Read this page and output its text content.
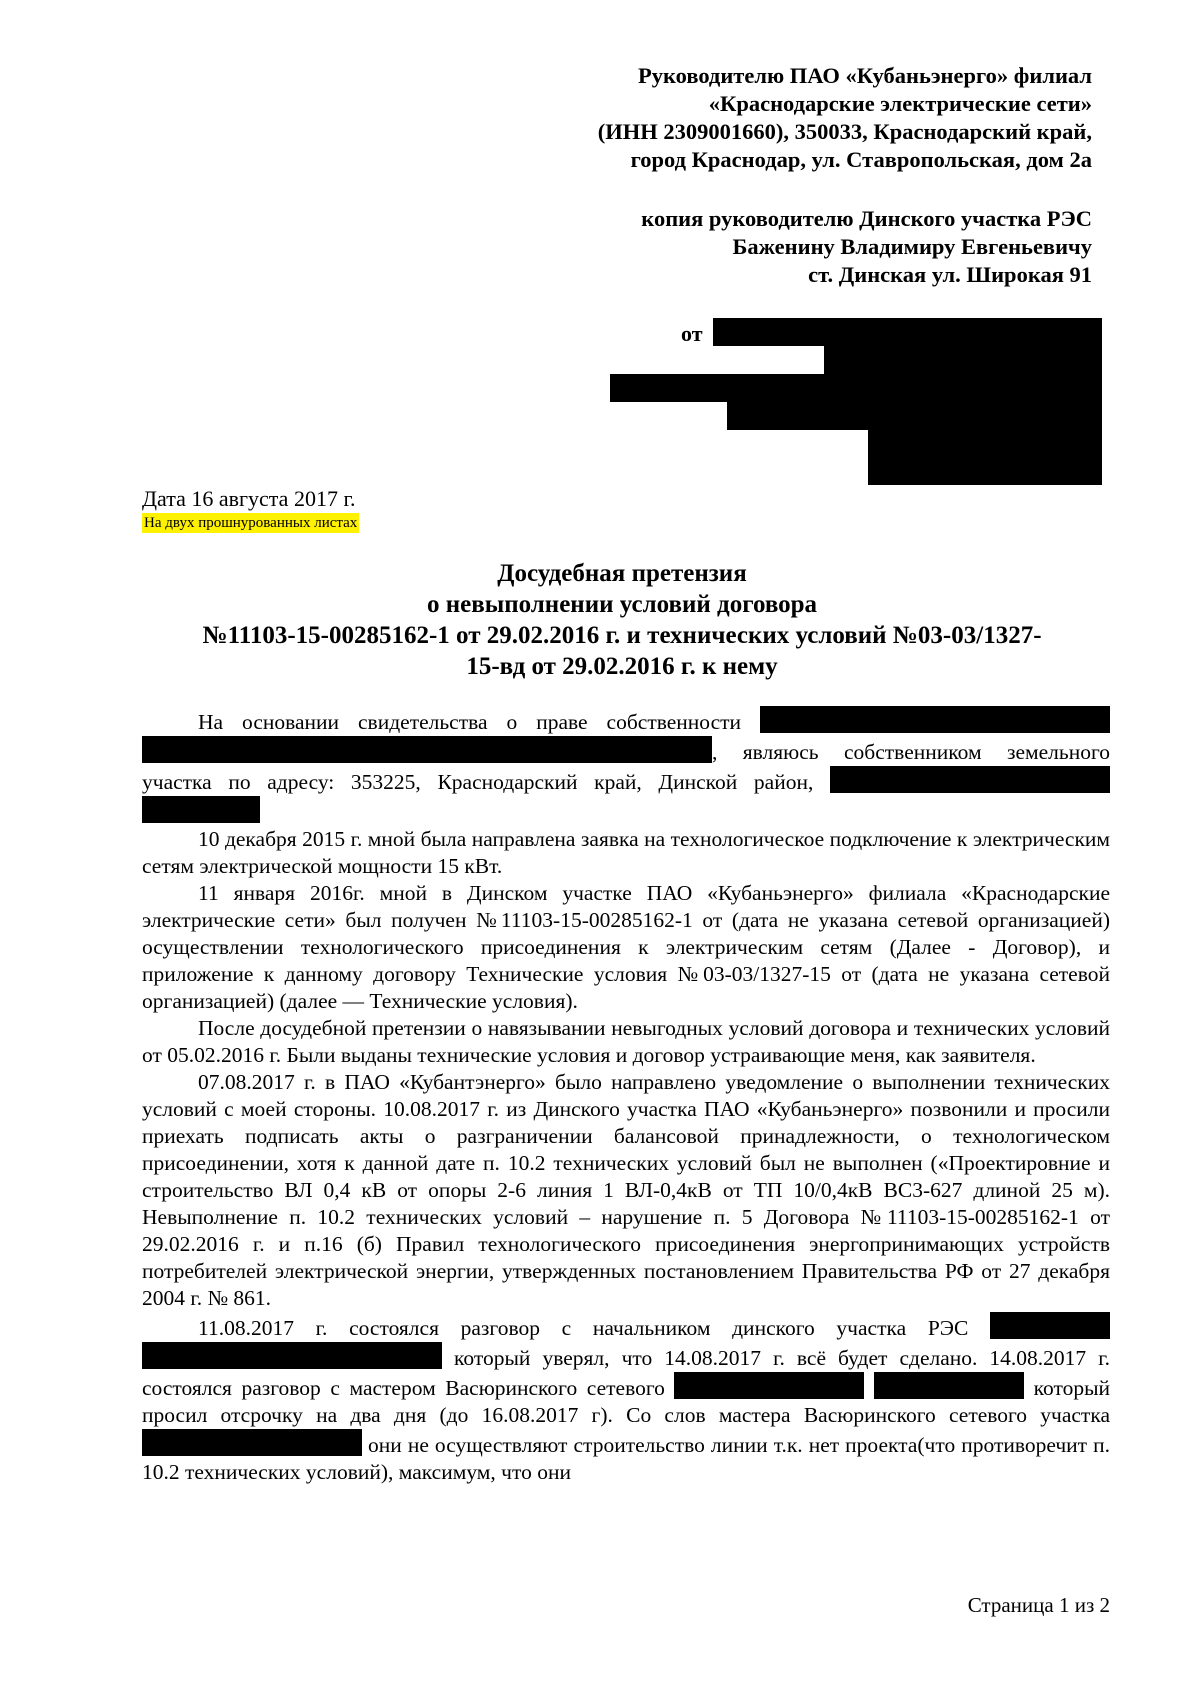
Руководителю ПАО «Кубаньэнерго» филиал

«Краснодарские электрические сети»

(ИНН 2309001660), 350033, Краснодарский край,

город Краснодар, ул. Ставропольская, дом 2а

копия руководителю Динского участка РЭС

Баженину Владимиру Евгеньевичу

ст. Динская ул. Широкая 91

от
Дата 16 августа 2017 г.
На двух прошнурованных листах
Досудебная претензия
о невыполнении условий договора
№11103-15-00285162-1 от 29.02.2016 г. и технических условий №03-03/1327-
15-вд от 29.02.2016 г. к нему

На основании свидетельства о праве собственности  , являюсь собственником земельного участка по адресу: 353225, Краснодарский край, Динской район,

10 декабря 2015 г. мной была направлена заявка на технологическое подключение к электрическим сетям электрической мощности 15 кВт.

11 января 2016г. мной в Динском участке ПАО «Кубаньэнерго» филиала «Краснодарские электрические сети» был получен №11103-15-00285162-1 от (дата не указана сетевой организацией) осуществлении технологического присоединения к электрическим сетям (Далее - Договор), и приложение к данному договору Технические условия №03-03/1327-15 от (дата не указана сетевой организацией) (далее — Технические условия).

После досудебной претензии о навязывании невыгодных условий договора и технических условий от 05.02.2016 г. Были выданы технические условия и договор устраивающие меня, как заявителя.

07.08.2017 г. в ПАО «Кубантэнерго» было направлено уведомление о выполнении технических условий с моей стороны. 10.08.2017 г. из Динского участка ПАО «Кубаньэнерго» позвонили и просили приехать подписать акты о разграничении балансовой принадлежности, о технологическом присоединении, хотя к данной дате п. 10.2 технических условий был не выполнен («Проектировние и строительство ВЛ 0,4 кВ от опоры 2-6 линия 1 ВЛ-0,4кВ от ТП 10/0,4кВ ВС3-627 длиной 25 м). Невыполнение п. 10.2 технических условий – нарушение п. 5 Договора №11103-15-00285162-1 от 29.02.2016 г. и п.16 (б) Правил технологического присоединения энергопринимающих устройств потребителей электрической энергии, утвержденных постановлением Правительства РФ от 27 декабря 2004 г. № 861.

11.08.2017 г. состоялся разговор с начальником динского участка РЭС   который уверял, что 14.08.2017 г. всё будет сделано. 14.08.2017 г. состоялся разговор с мастером Васюринского сетевого	который просил отсрочку на два дня (до 16.08.2017 г). Со слов мастера Васюринского сетевого участка  они не осуществляют строительство линии т.к. нет проекта(что противоречит п. 10.2 технических условий), максимум, что они

Страница 1 из 2
